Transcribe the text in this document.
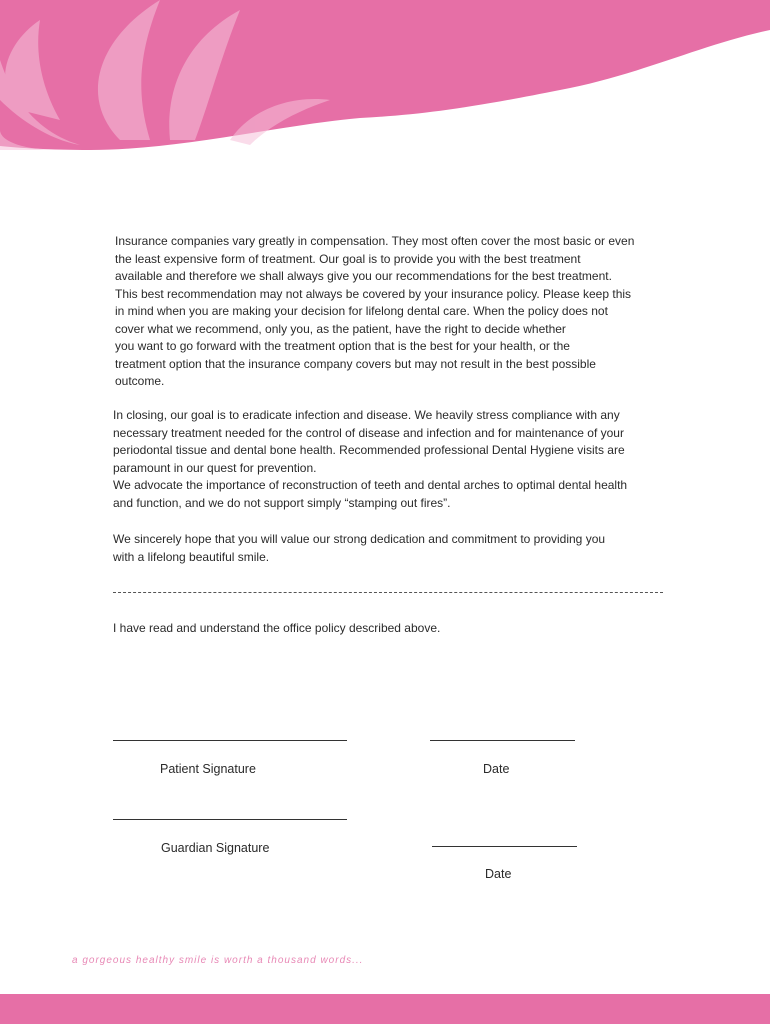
Insurance companies vary greatly in compensation. They most often cover the most basic or even
the least expensive form of treatment. Our goal is to provide you with the best treatment
available and therefore we shall always give you our recommendations for the best treatment.
This best recommendation may not always be covered by your insurance policy. Please keep this
in mind when you are making your decision for lifelong dental care. When the policy does not
cover what we recommend, only you, as the patient, have the right to decide whether
you want to go forward with the treatment option that is the best for your health, or the
treatment option that the insurance company covers but may not result in the best possible
outcome.
In closing, our goal is to eradicate infection and disease. We heavily stress compliance with any
necessary treatment needed for the control of disease and infection and for maintenance of your
periodontal tissue and dental bone health. Recommended professional Dental Hygiene visits are
paramount in our quest for prevention.
We advocate the importance of reconstruction of teeth and dental arches to optimal dental health
and function, and we do not support simply “stamping out fires”.
We sincerely hope that you will value our strong dedication and commitment to providing you
with a lifelong beautiful smile.
I have read and understand the office policy described above.
Patient Signature	Date
Guardian Signature
Date
a gorgeous healthy smile is worth a thousand words...
